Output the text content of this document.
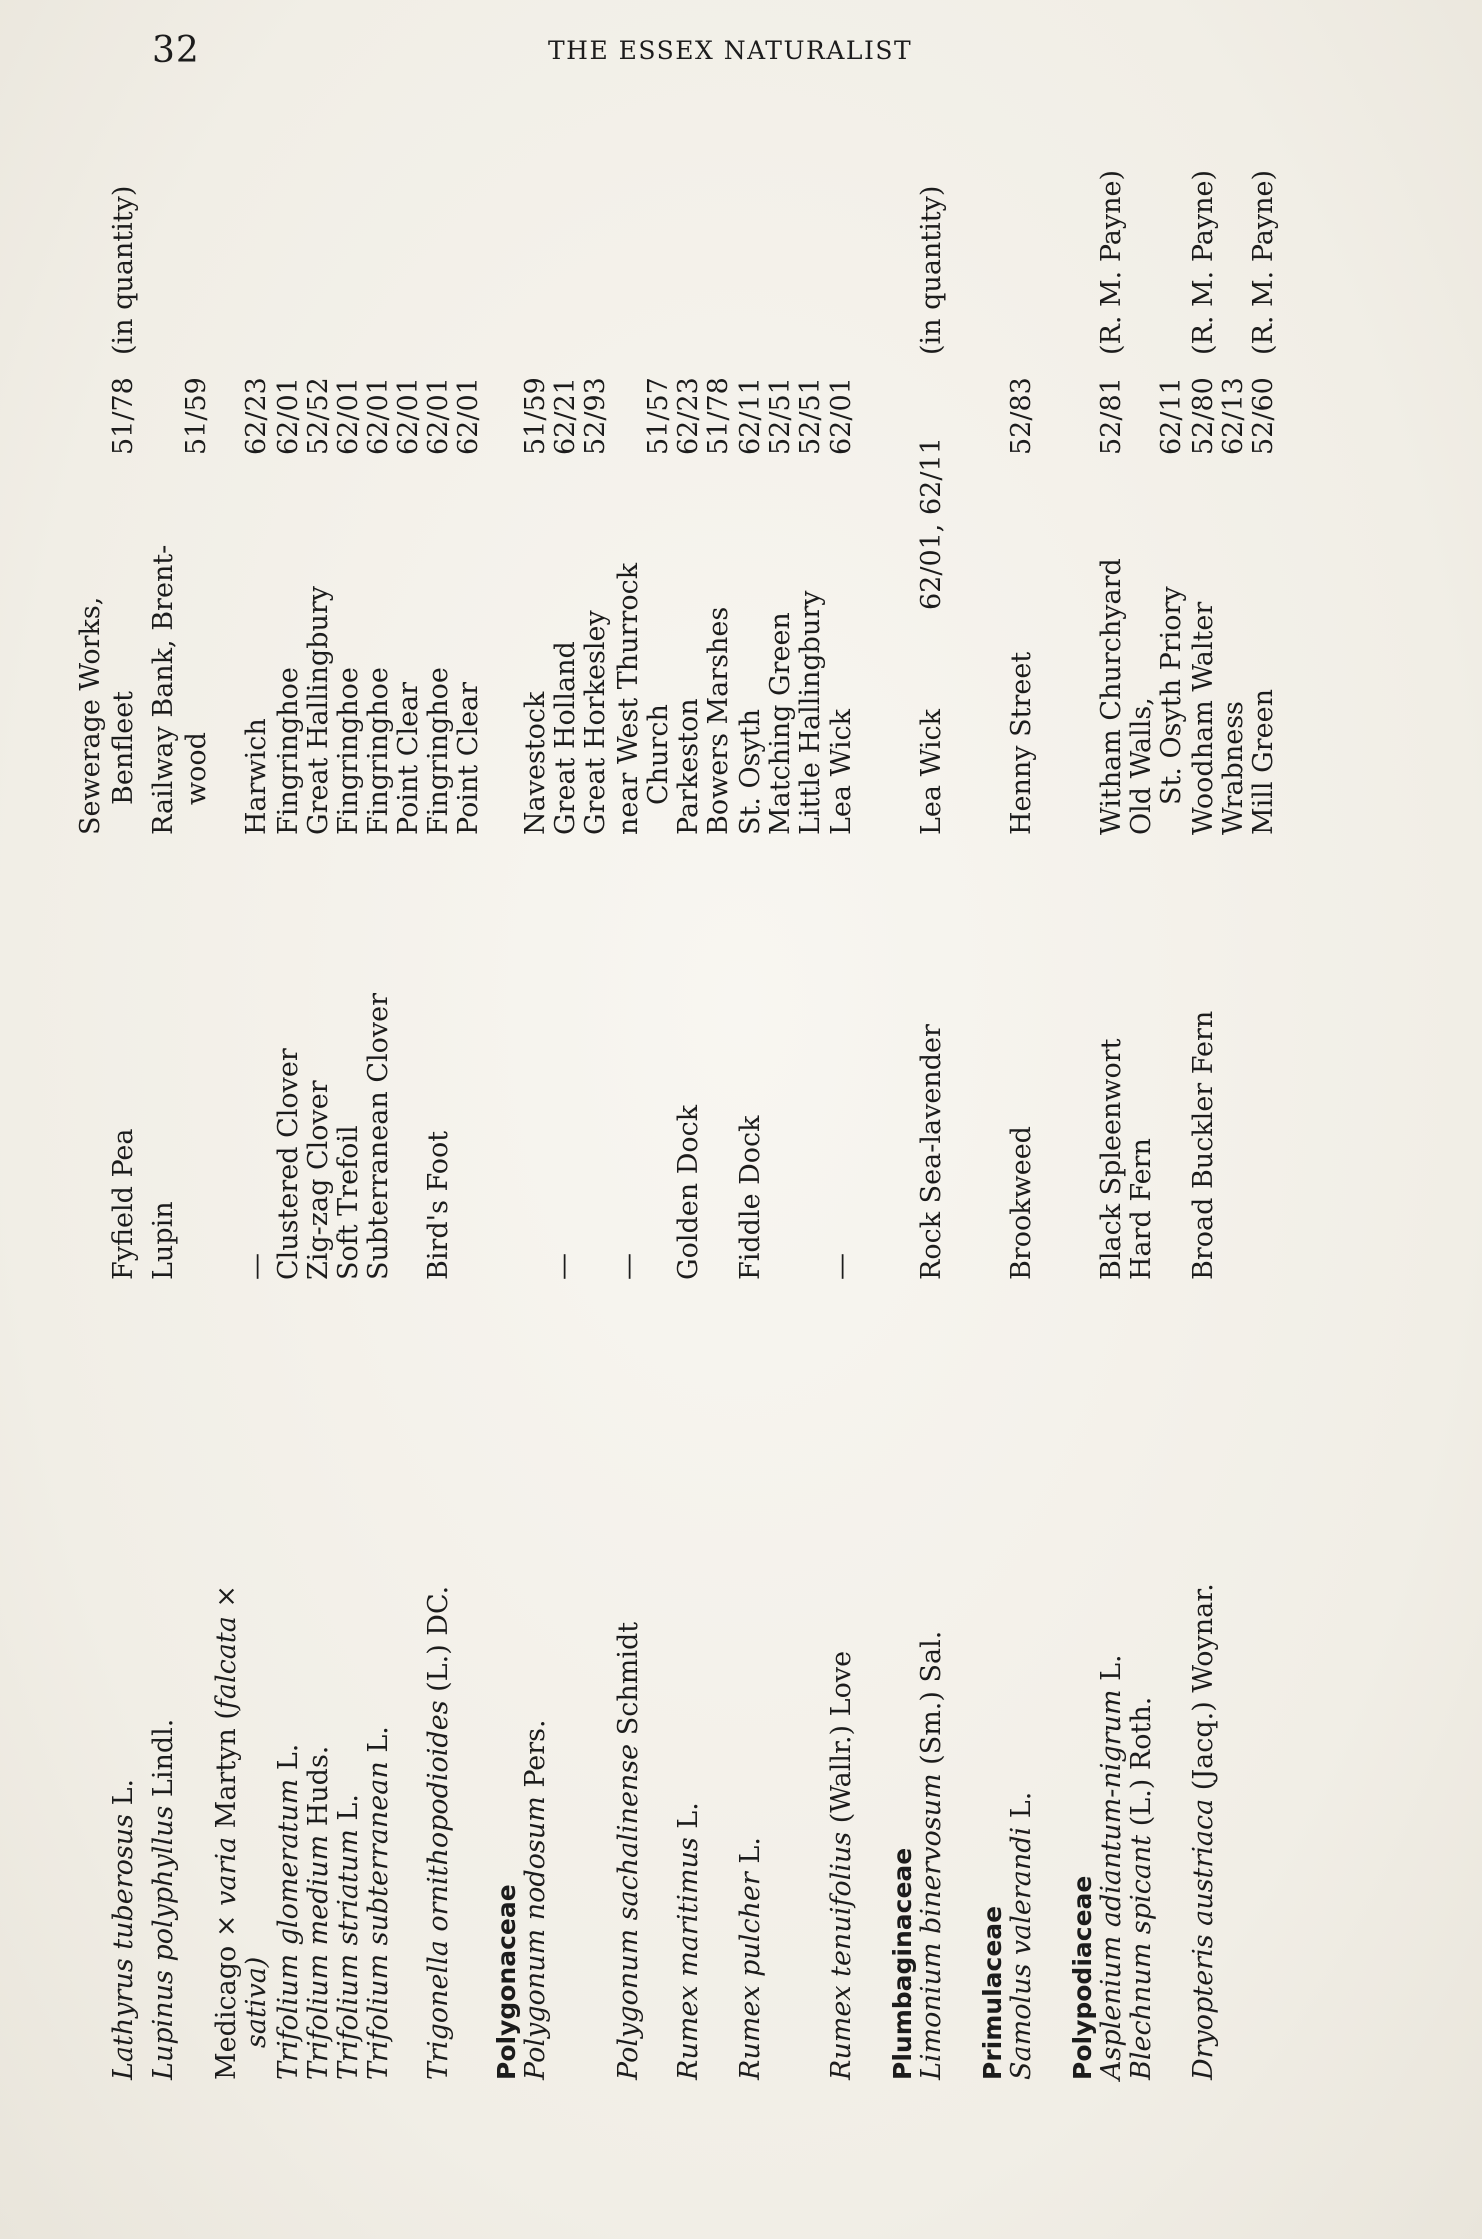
32	THE ESSEX NATURALIST
Lathyrus tuberosus L.
Fyfield Pea
Sewerage Works, Benfleet
51/78
(in quantity)
Lupinus polyphyllus Lindl.
Lupin
Railway Bank, Brent- wood
51/59
Medicago × varia Martyn (falcata ×
sativa)
—
Harwich
62/23
Trifolium glomeratum L.
Clustered Clover
Fingringhoe
62/01
Trifolium medium Huds.
Zig-zag Clover
Great Hallingbury
52/52
Trifolium striatum L.
Soft Trefoil
Fingringhoe
62/01
Trifolium subterranean L.
Subterranean Clover
Fingringhoe
62/01
Trigonella ornithopodioides (L.) DC.
Bird's Foot
Point Clear
62/01
Fingringhoe
62/01
Point Clear
62/01
Polygonaceae Polygonum nodosum Pers.
—
Navestock
51/59
Great Holland
62/21
Great Horkesley
52/93
Polygonum sachalinense Schmidt
—
near West Thurrock Church
51/57
Rumex maritimus L.
Golden Dock
Parkeston
62/23
Bowers Marshes
51/78
Rumex pulcher L.
Fiddle Dock
St. Osyth
62/11
Matching Green
52/51
Little Hallingbury
52/51
Rumex tenuifolius (Wallr.) Love
—
Lea Wick
62/01
Plumbaginaceae Limonium binervosum (Sm.) Sal.
Rock Sea-lavender
Lea Wick
62/01, 62/11
(in quantity)
Primulaceae Samolus valerandi L.
Brookweed
Henny Street
52/83
Polypodiaceae Asplenium adiantum-nigrum L.
Black Spleenwort
Witham Churchyard
52/81
(R. M. Payne)
Blechnum spicant (L.) Roth.
Hard Fern
Old Walls, St. Osyth Priory
62/11
Dryopteris austriaca (Jacq.) Woynar.
Broad Buckler Fern
Woodham Walter
52/80
(R. M. Payne)
Wrabness
62/13
Mill Green
52/60
(R. M. Payne)
